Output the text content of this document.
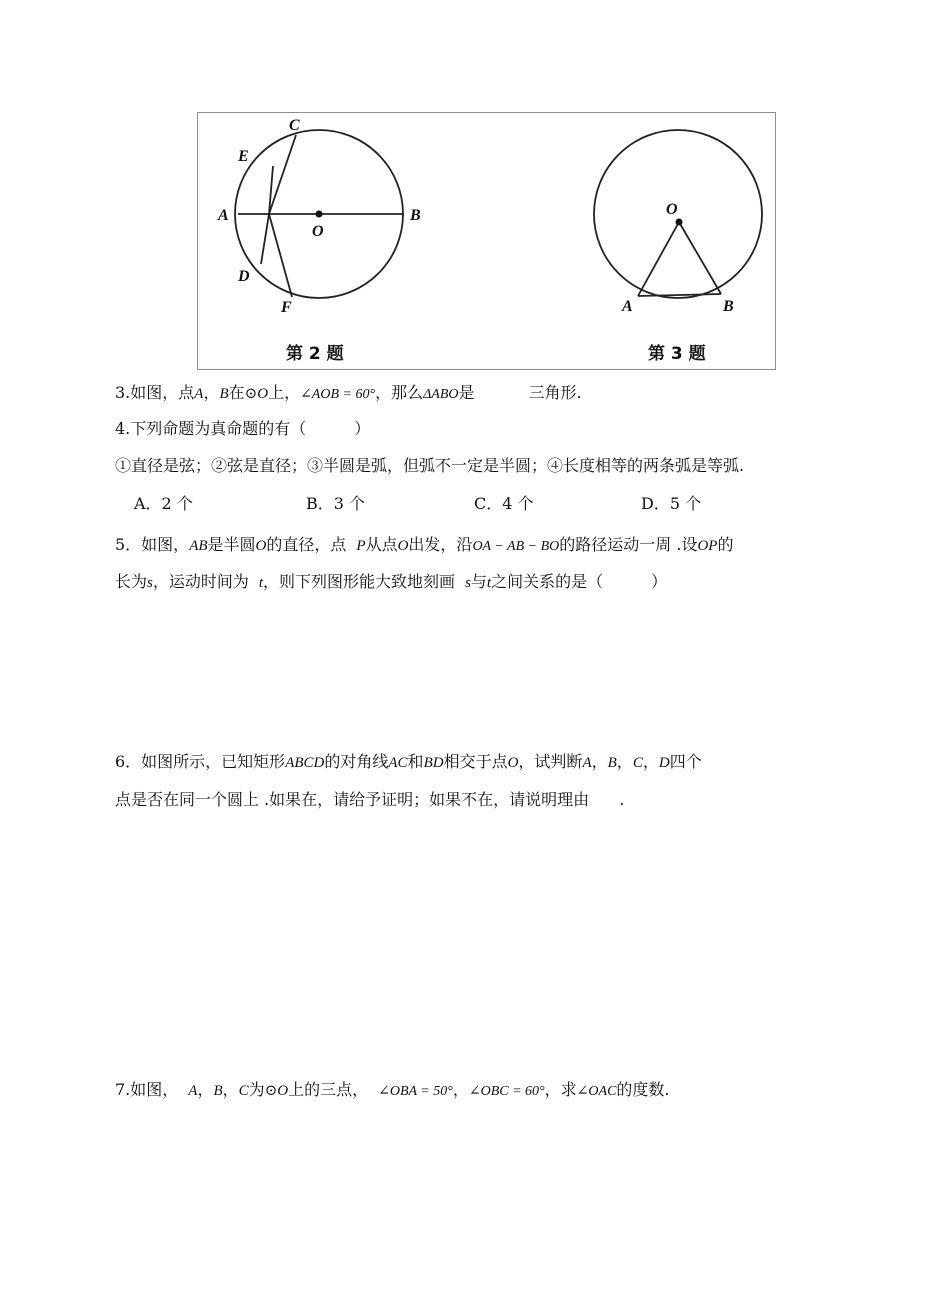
C
E
A
O
B
D
F
第 2 题
O
A	B
第 3 题
3.如图，点A，B在⊙O上，∠AOB = 60°，那么ΔABO是	三角形.
4.下列命题为真命题的有（	）
①直径是弦；②弦是直径；③半圆是弧，但弧不一定是半圆；④长度相等的两条弧是等弧.
A．2 个	B．3 个	C．4 个	D．5 个
5．如图，AB是半圆O的直径，点 P从点O出发，沿OA − AB − BO的路径运动一周 .设OP的
长为s，运动时间为 t，则下列图形能大致地刻画 s与t之间关系的是（	）
6．如图所示，已知矩形ABCD的对角线AC和BD相交于点O，试判断A，B，C，D四个
点是否在同一个圆上 .如果在，请给予证明；如果不在，请说明理由 .
7.如图， A，B，C为⊙O上的三点， ∠OBA = 50°，∠OBC = 60°，求∠OAC的度数.
